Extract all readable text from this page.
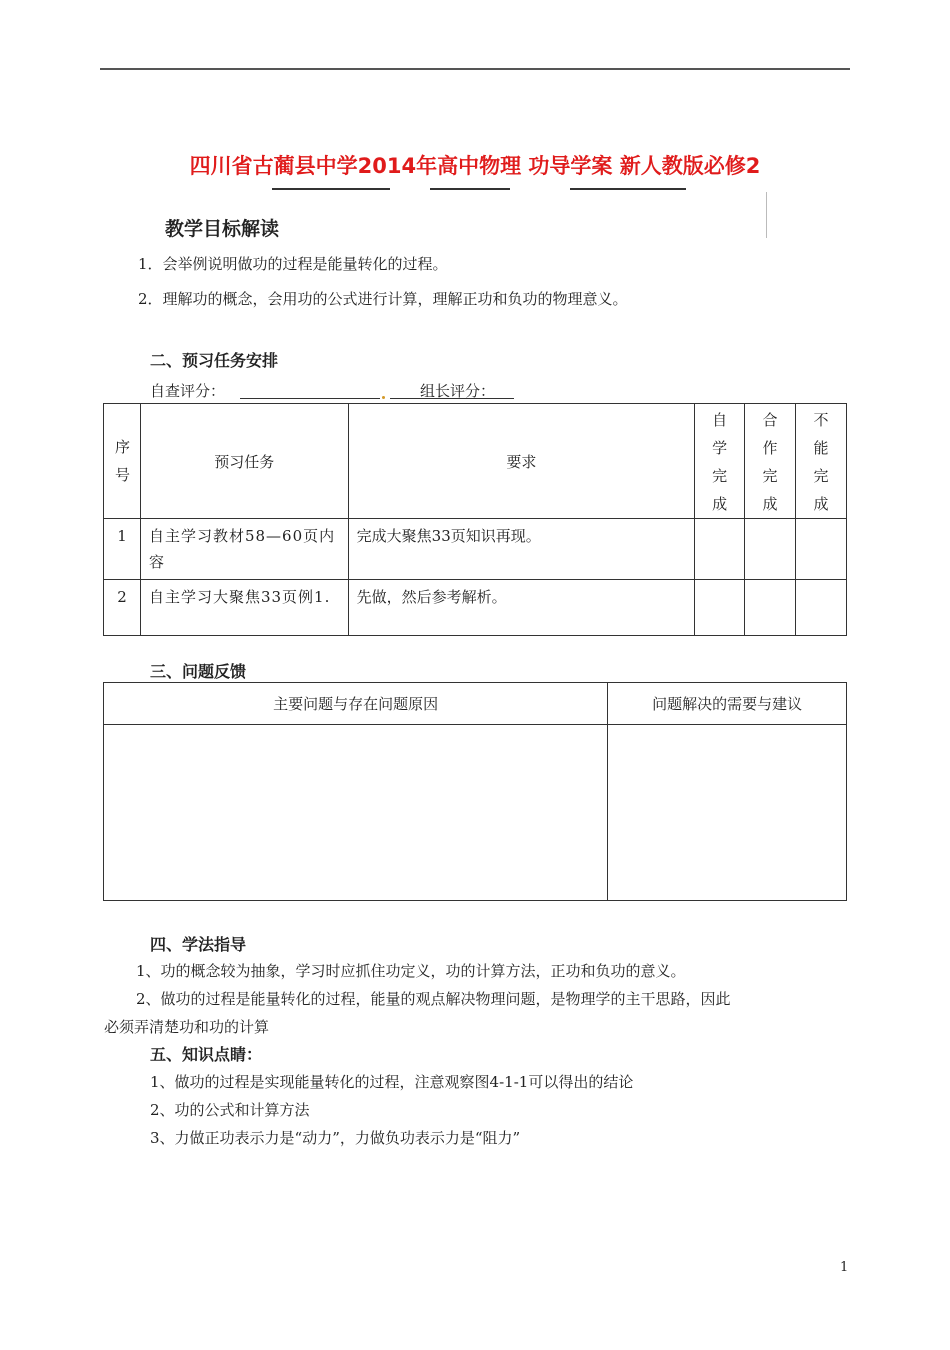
四川省古蔺县中学2014年高中物理 功导学案 新人教版必修2
教学目标解读
1．会举例说明做功的过程是能量转化的过程。
2．理解功的概念，会用功的公式进行计算，理解正功和负功的物理意义。
二、预习任务安排
自查评分：	组长评分：
序号	预习任务	要求	自学完成	合作完成	不能完成

1	自主学习教材58—60页内容	完成大聚焦33页知识再现。			

2	自主学习大聚焦33页例1.	先做，然后参考解析。			

三、问题反馈
主要问题与存在问题原因	问题解决的需要与建议

四、学法指导
1、功的概念较为抽象，学习时应抓住功定义，功的计算方法，正功和负功的意义。
2、做功的过程是能量转化的过程，能量的观点解决物理问题，是物理学的主干思路，因此
必须弄清楚功和功的计算
五、知识点睛：
1、做功的过程是实现能量转化的过程，注意观察图4-1-1可以得出的结论
2、功的公式和计算方法
3、力做正功表示力是“动力”，力做负功表示力是“阻力”
1
